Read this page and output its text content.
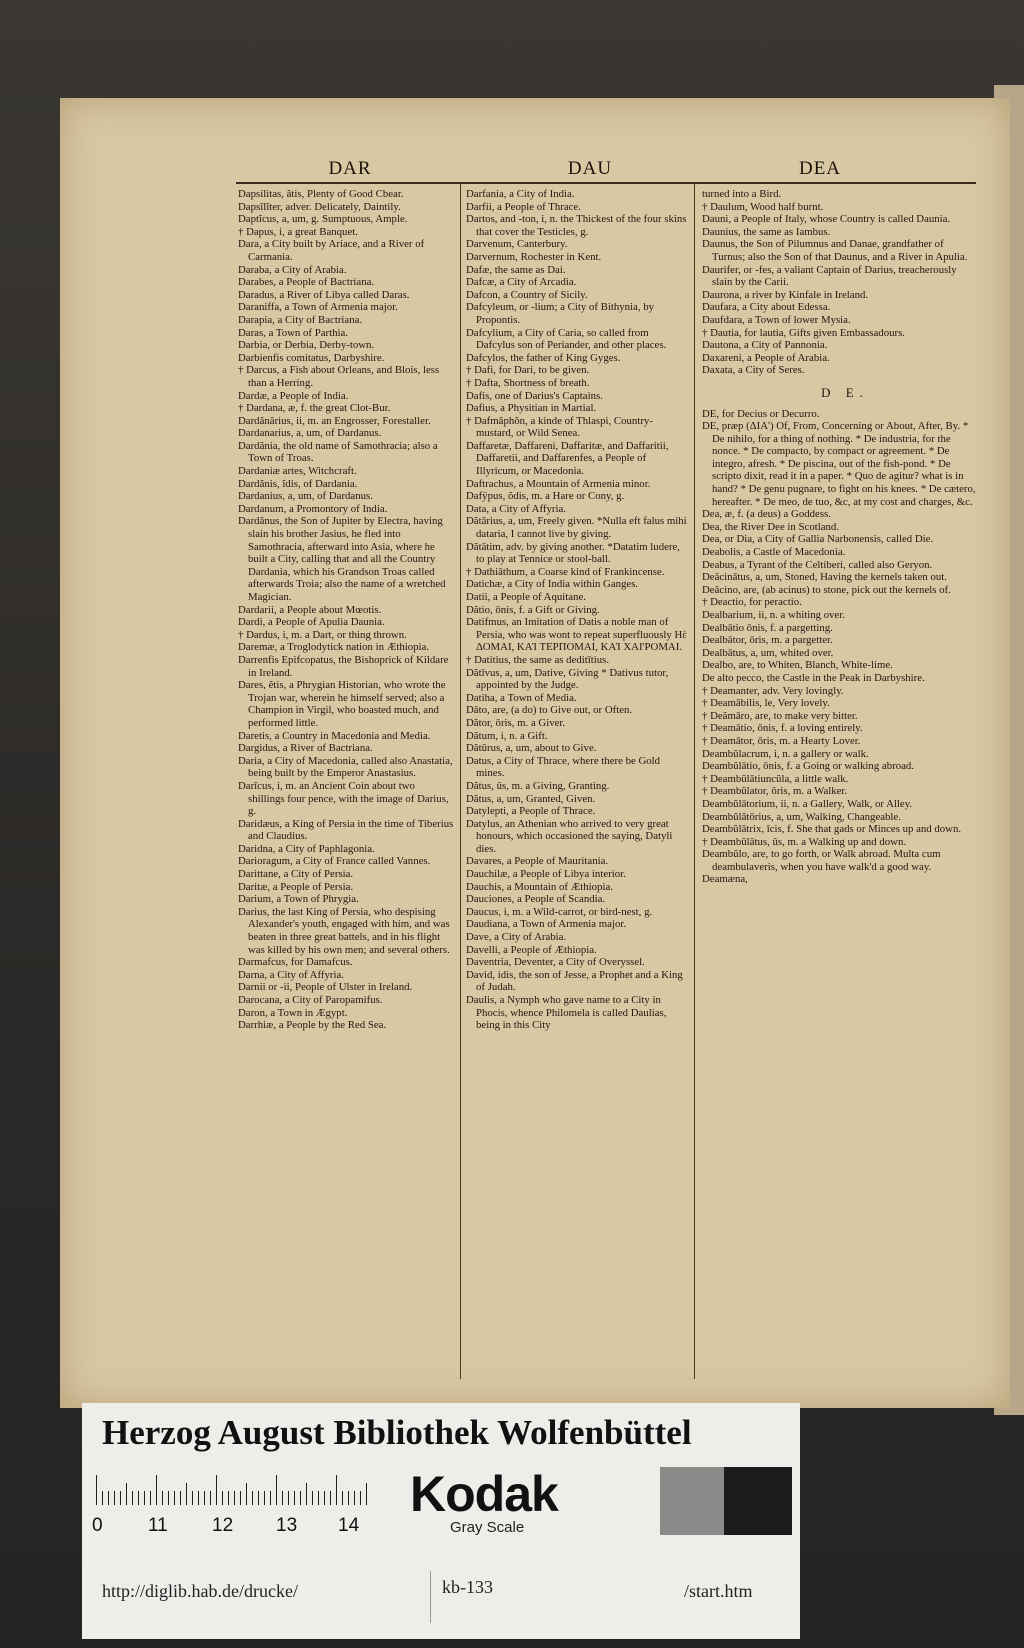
DAR	DAU	DEA

Dapsilitas, ătis, Plenty of Good Cbear.

Dapsĭlĭter, adver. Delicately, Daintily.

Daptĭcus, a, um, g. Sumptuous, Ample.

† Dapus, i, a great Banquet.

Dara, a City built by Ariace, and a River of Carmania.

Daraba, a City of Arabia.

Darabes, a People of Bactriana.

Daradus, a River of Libya called Daras.

Daraniffa, a Town of Armenia major.

Darapia, a City of Bactriana.

Daras, a Town of Parthia.

Darbia, or Derbia, Derby-town.

Darbienfis comitatus, Darbyshire.

† Darcus, a Fish about Orleans, and Blois, less than a Herring.

Dardæ, a People of India.

† Dardana, æ, f. the great Clot-Bur.

Dardănărius, ii, m. an Engrosser, Forestaller.

Dardanarius, a, um, of Dardanus.

Dardănia, the old name of Samothracia; also a Town of Troas.

Dardaniæ artes, Witchcraft.

Dardănis, ĭdis, of Dardania.

Dardanius, a, um, of Dardanus.

Dardanum, a Promontory of India.

Dardănus, the Son of Jupiter by Electra, having slain his brother Jasius, he fled into Samothracia, afterward into Asia, where he built a City, calling that and all the Country Dardania, which his Grandson Troas called afterwards Troia; also the name of a wretched Magician.

Dardarii, a People about Mœotis.

Dardi, a People of Apulia Daunia.

† Dardus, i, m. a Dart, or thing thrown.

Daremæ, a Troglodytick nation in Æthiopia.

Darrenfis Epifcopatus, the Bishoprick of Kildare in Ireland.

Dares, ĕtis, a Phrygian Historian, who wrote the Trojan war, wherein he himself served; also a Champion in Virgil, who boasted much, and performed little.

Daretis, a Country in Macedonia and Media.

Dargidus, a River of Bactriana.

Daria, a City of Macedonia, called also Anastatia, being built by the Emperor Anastasius.

Darīcus, i, m. an Ancient Coin about two shillings four pence, with the image of Darius, g.

Daridæus, a King of Persia in the time of Tiberius and Claudius.

Daridna, a City of Paphlagonia.

Darioragum, a City of France called Vannes.

Darittane, a City of Persia.

Daritæ, a People of Persia.

Darium, a Town of Phrygia.

Darius, the last King of Persia, who despising Alexander's youth, engaged with him, and was beaten in three great battels, and in his flight was killed by his own men; and several others.

Darmafcus, for Damafcus.

Darna, a City of Affyria.

Darnii or -ii, People of Ulster in Ireland.

Darocana, a City of Paropamifus.

Daron, a Town in Ægypt.

Darrhiæ, a People by the Red Sea.

Darfania, a City of India.

Darfii, a People of Thrace.

Dartos, and -ton, i, n. the Thickest of the four skins that cover the Testicles, g.

Darvenum, Canterbury.

Darvernum, Rochester in Kent.

Dafæ, the same as Dai.

Dafcæ, a City of Arcadia.

Dafcon, a Country of Sicily.

Dafcyleum, or -lium; a City of Bithynia, by Propontis.

Dafcylium, a City of Caria, so called from Dafcylus son of Periander, and other places.

Dafcylos, the father of King Gyges.

† Dafi, for Dari, to be given.

† Dafta, Shortness of breath.

Dafis, one of Darius's Captains.

Dafius, a Physitian in Martial.

† Dafmăphŏn, a kinde of Thlaspi, Country-mustard, or Wild Senea.

Daffaretæ, Daffareni, Daffaritæ, and Daffaritii, Daffaretii, and Daffarenfes, a People of Illyricum, or Macedonia.

Daftrachus, a Mountain of Armenia minor.

Dafÿpus, ŏdis, m. a Hare or Cony, g.

Data, a City of Affyria.

Dătārius, a, um, Freely given. *Nulla eft falus mihi dataria, I cannot live by giving.

Dătātim, adv. by giving another. *Datatim ludere, to play at Tennice or stool-ball.

† Dathiāthum, a Coarse kind of Frankincense.

Datichæ, a City of India within Ganges.

Datii, a People of Aquitane.

Dătio, ōnis, f. a Gift or Giving.

Datifmus, an Imitation of Datis a noble man of Persia, who was wont to repeat superfluously Ηἑ ΔΟΜΑΙ, ΚΑΊ ΤΕΡΠΟΜΑΙ, ΚΑΊ ΧΑΙ'ΡΟΜΑΙ.

† Datitius, the same as deditītius.

Dătīvus, a, um, Dative, Giving * Dativus tutor, appointed by the Judge.

Datiha, a Town of Media.

Dăto, are, (a do) to Give out, or Often.

Dător, ōris, m. a Giver.

Dătum, i, n. a Gift.

Dătūrus, a, um, about to Give.

Datus, a City of Thrace, where there be Gold mines.

Dătus, ûs, m. a Giving, Granting.

Dătus, a, um, Granted, Given.

Datylepti, a People of Thrace.

Datylus, an Athenian who arrived to very great honours, which occasioned the saying, Datyli dies.

Davares, a People of Mauritania.

Dauchilæ, a People of Libya interior.

Dauchis, a Mountain of Æthiopia.

Dauciones, a People of Scandia.

Daucus, i, m. a Wild-carrot, or bird-nest, g.

Daudiana, a Town of Armenia major.

Dave, a City of Arabia.

Davelli, a People of Æthiopia.

Daventria, Deventer, a City of Overyssel.

David, idis, the son of Jesse, a Prophet and a King of Judah.

Daulis, a Nymph who gave name to a City in Phocis, whence Philomela is called Daulias, being in this City

turned into a Bird.

† Daulum, Wood half burnt.

Dauni, a People of Italy, whose Country is called Daunia.

Daunius, the same as Iambus.

Daunus, the Son of Pilumnus and Danae, grandfather of Turnus; also the Son of that Daunus, and a River in Apulia.

Daurifer, or -fes, a valiant Captain of Darius, treacherously slain by the Carii.

Daurona, a river by Kinfale in Ireland.

Daufara, a City about Edessa.

Daufdara, a Town of lower Mysia.

† Dautia, for lautia, Gifts given Embassadours.

Dautona, a City of Pannonia.

Daxareni, a People of Arabia.

Daxata, a City of Seres.

D E.

DE, for Decius or Decurro.

DE, præp (ΔΙΑ') Of, From, Concerning or About, After, By. * De nihilo, for a thing of nothing. * De industria, for the nonce. * De compacto, by compact or agreement. * De integro, afresh. * De piscina, out of the fish-pond. * De scripto dixit, read it in a paper. * Quo de agitur? what is in hand? * De genu pugnare, to fight on his knees. * De cætero, hereafter. * De meo, de tuo, &c, at my cost and charges, &c.

Dea, æ, f. (a deus) a Goddess.

Dea, the River Dee in Scotland.

Dea, or Dia, a City of Gallia Narbonensis, called Die.

Deabolis, a Castle of Macedonia.

Deabus, a Tyrant of the Celtiberi, called also Geryon.

Deăcinātus, a, um, Stoned, Having the kernels taken out.

Deăcino, are, (ab acinus) to stone, pick out the kernels of.

† Deactio, for peractio.

Dealbarium, ii, n. a whiting over.

Dealbātio ōnis, f. a pargetting.

Dealbātor, ōris, m. a pargetter.

Dealbātus, a, um, whited over.

Dealbo, are, to Whiten, Blanch, White-lime.

De alto pecco, the Castle in the Peak in Darbyshire.

† Deamanter, adv. Very lovingly.

† Deamābilis, le, Very lovely.

† Deămāro, are, to make very bitter.

† Deamātio, ōnis, f. a loving entirely.

† Deamātor, ōris, m. a Hearty Lover.

Deambŭlacrum, i, n. a gallery or walk.

Deambŭlātio, ōnis, f. a Going or walking abroad.

† Deambŭlātiuncŭla, a little walk.

† Deambŭlator, ōris, m. a Walker.

Deambŭlātorium, ii, n. a Gallery, Walk, or Alley.

Deambŭlātōrius, a, um, Walking, Changeable.

Deambŭlātrix, īcis, f. She that gads or Minces up and down.

† Deambŭlātus, ûs, m. a Walking up and down.

Deambŭlo, are, to go forth, or Walk abroad. Multa cum deambulaveris, when you have walk'd a good way.

Deamæna,

Herzog August Bibliothek Wolfenbüttel
0 11 12 13 14
Kodak
Gray Scale
http://diglib.hab.de/drucke/	kb-133	/start.htm
